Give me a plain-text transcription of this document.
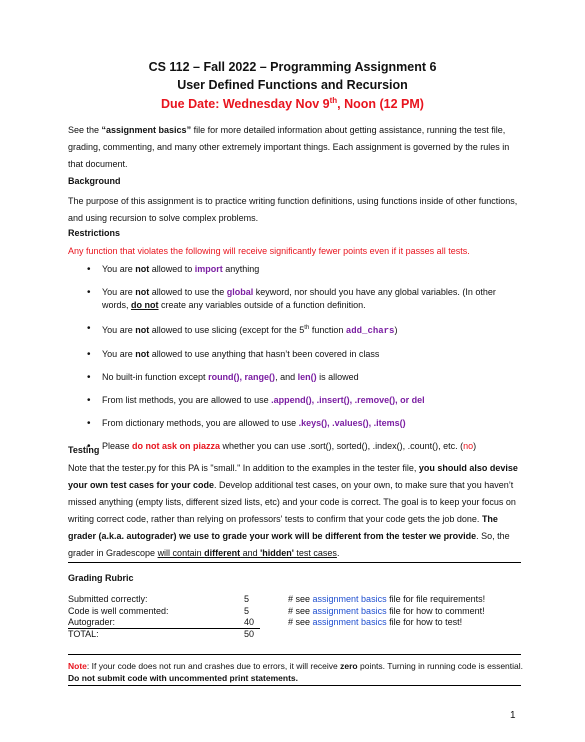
CS 112 – Fall 2022 – Programming Assignment 6
User Defined Functions and Recursion
Due Date: Wednesday Nov 9th, Noon (12 PM)
See the “assignment basics” file for more detailed information about getting assistance, running the test file, grading, commenting, and many other extremely important things. Each assignment is governed by the rules in that document.
Background
The purpose of this assignment is to practice writing function definitions, using functions inside of other functions, and using recursion to solve complex problems.
Restrictions
Any function that violates the following will receive significantly fewer points even if it passes all tests.
• You are not allowed to import anything
• You are not allowed to use the global keyword, nor should you have any global variables. (In other words, do not create any variables outside of a function definition.
• You are not allowed to use slicing (except for the 5th function add_chars)
• You are not allowed to use anything that hasn’t been covered in class
• No built-in function except round(), range(), and len() is allowed
• From list methods, you are allowed to use .append(), .insert(), .remove(), or del
• From dictionary methods, you are allowed to use .keys(), .values(), .items()
• Please do not ask on piazza whether you can use .sort(), sorted(), .index(), .count(), etc. (no)
Testing
Note that the tester.py for this PA is "small." In addition to the examples in the tester file, you should also devise your own test cases for your code. Develop additional test cases, on your own, to make sure that you haven’t missed anything (empty lists, different sized lists, etc) and your code is correct. The goal is to keep your focus on writing correct code, rather than relying on professors' tests to confirm that your code gets the job done. The grader (a.k.a. autograder) we use to grade your work will be different from the tester we provide. So, the grader in Gradescope will contain different and 'hidden' test cases.
Grading Rubric
Submitted correctly:	5	# see assignment basics file for file requirements!
Code is well commented:	5	# see assignment basics file for how to comment!
Autograder:	40	# see assignment basics file for how to test!
TOTAL:	50
Note: If your code does not run and crashes due to errors, it will receive zero points. Turning in running code is essential. Do not submit code with uncommented print statements.
1
